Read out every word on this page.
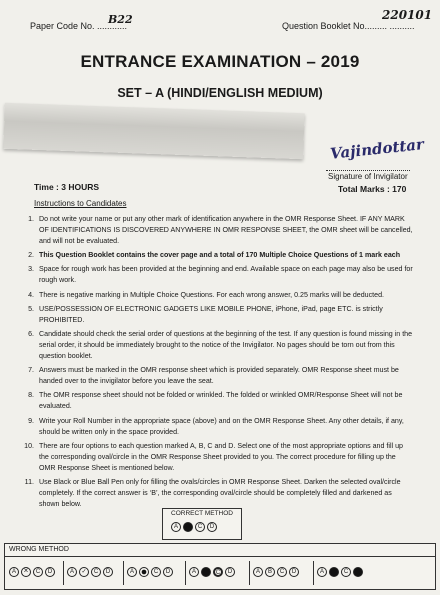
Paper Code No. ............
B22	Question Booklet No......... ..........
220101
ENTRANCE EXAMINATION – 2019
SET – A (HINDI/ENGLISH MEDIUM)
Vajindottar
Signature of Invigilator
Time : 3 HOURS	Total Marks : 170
Instructions to Candidates
1. Do not write your name or put any other mark of identification anywhere in the OMR Response Sheet. IF ANY MARK OF IDENTIFICATIONS IS DISCOVERED ANYWHERE IN OMR RESPONSE SHEET, the OMR sheet will be cancelled, and will not be evaluated.
2. This Question Booklet contains the cover page and a total of 170 Multiple Choice Questions of 1 mark each
3. Space for rough work has been provided at the beginning and end. Available space on each page may also be used for rough work.
4. There is negative marking in Multiple Choice Questions. For each wrong answer, 0.25 marks will be deducted.
5. USE/POSSESSION OF ELECTRONIC GADGETS LIKE MOBILE PHONE, iPhone, iPad, page ETC. is strictly PROHIBITED.
6. Candidate should check the serial order of questions at the beginning of the test. If any question is found missing in the serial order, it should be immediately brought to the notice of the Invigilator. No pages should be torn out from this question booklet.
7. Answers must be marked in the OMR response sheet which is provided separately. OMR Response sheet must be handed over to the invigilator before you leave the seat.
8. The OMR response sheet should not be folded or wrinkled. The folded or wrinkled OMR/Response Sheet will not be evaluated.
9. Write your Roll Number in the appropriate space (above) and on the OMR Response Sheet. Any other details, if any, should be written only in the space provided.
10. There are four options to each question marked A, B, C and D. Select one of the most appropriate options and fill up the corresponding oval/circle in the OMR Response Sheet provided to you. The correct procedure for filling up the OMR Response Sheet is mentioned below.
11. Use Black or Blue Ball Pen only for filling the ovals/circles in OMR Response Sheet. Darken the selected oval/circle completely. If the correct answer is ‘B’, the corresponding oval/circle should be completely filled and darkened as shown below.
CORRECT METHOD
A	B	C	D
WRONG METHOD
A
×	C	D	A	✓	C	D	A	C	D	A	C	D	A	B	C	D	A	C
